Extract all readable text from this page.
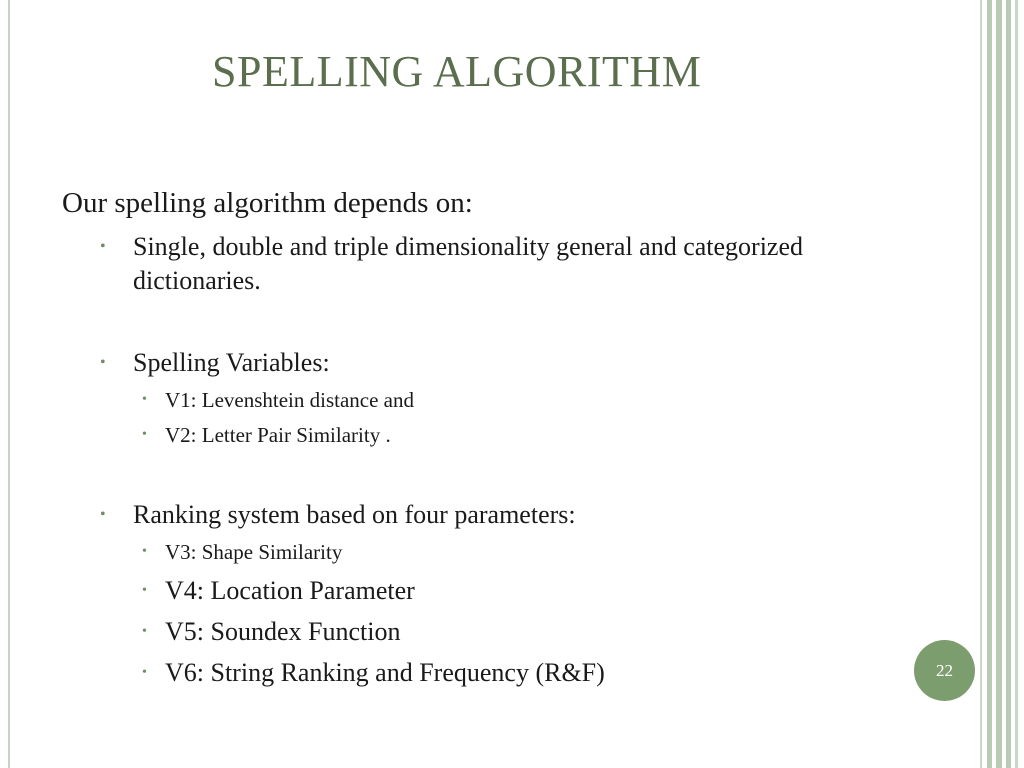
SPELLING ALGORITHM
Our spelling algorithm depends on:
• Single, double and triple dimensionality general and categorized dictionaries.
• Spelling Variables:
• V1: Levenshtein distance and
• V2: Letter Pair Similarity .
• Ranking system based on four parameters:
• V3: Shape Similarity
• V4: Location Parameter
• V5: Soundex Function
• V6: String Ranking and Frequency (R&F)	22
